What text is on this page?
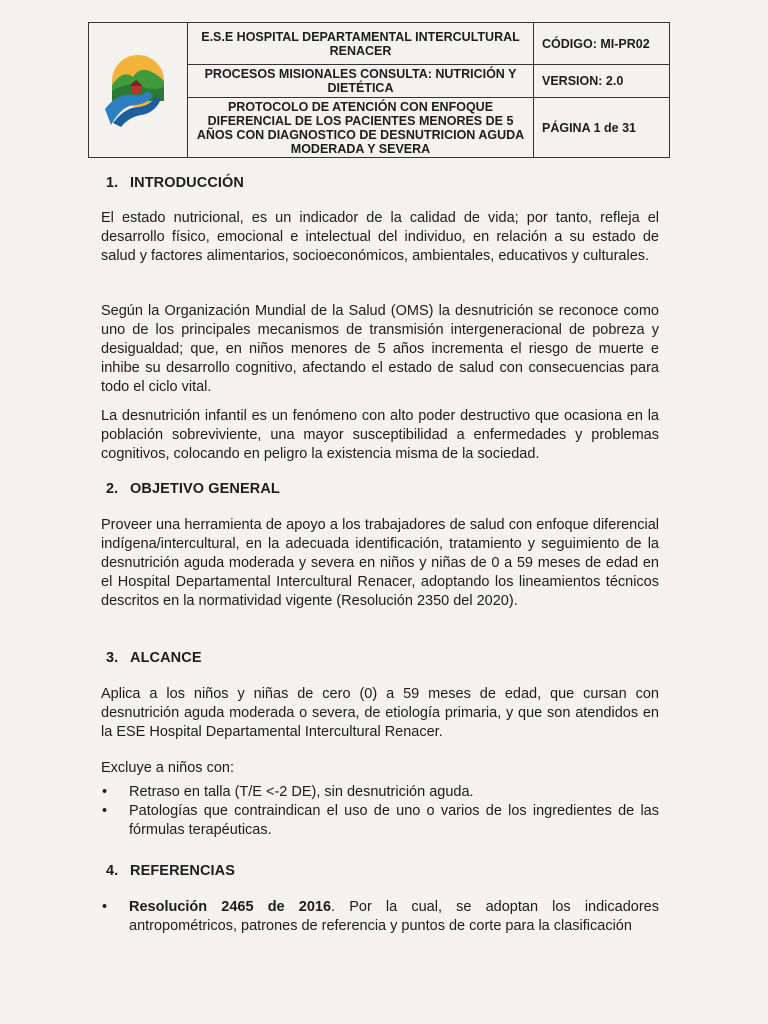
E.S.E HOSPITAL DEPARTAMENTAL INTERCULTURAL RENACER	CÓDIGO: MI-PR02
PROCESOS MISIONALES CONSULTA: NUTRICIÓN Y DIETÉTICA	VERSION: 2.0
PROTOCOLO DE ATENCIÓN CON ENFOQUE DIFERENCIAL DE LOS PACIENTES MENORES DE 5 AÑOS CON DIAGNOSTICO DE DESNUTRICION AGUDA MODERADA Y SEVERA
PÁGINA 1 de 31
1. INTRODUCCIÓN
El estado nutricional, es un indicador de la calidad de vida; por tanto, refleja el desarrollo físico, emocional e intelectual del individuo, en relación a su estado de salud y factores alimentarios, socioeconómicos, ambientales, educativos y culturales.
Según la Organización Mundial de la Salud (OMS) la desnutrición se reconoce como uno de los principales mecanismos de transmisión intergeneracional de pobreza y desigualdad; que, en niños menores de 5 años incrementa el riesgo de muerte e inhibe su desarrollo cognitivo, afectando el estado de salud con consecuencias para todo el ciclo vital.
La desnutrición infantil es un fenómeno con alto poder destructivo que ocasiona en la población sobreviviente, una mayor susceptibilidad a enfermedades y problemas cognitivos, colocando en peligro la existencia misma de la sociedad.
2. OBJETIVO GENERAL
Proveer una herramienta de apoyo a los trabajadores de salud con enfoque diferencial indígena/intercultural, en la adecuada identificación, tratamiento y seguimiento de la desnutrición aguda moderada y severa en niños y niñas de 0 a 59 meses de edad en el Hospital Departamental Intercultural Renacer, adoptando los lineamientos técnicos descritos en la normatividad vigente (Resolución 2350 del 2020).
3. ALCANCE
Aplica a los niños y niñas de cero (0) a 59 meses de edad, que cursan con desnutrición aguda moderada o severa, de etiología primaria, y que son atendidos en la ESE Hospital Departamental Intercultural Renacer.
Excluye a niños con:
• Retraso en talla (T/E <-2 DE), sin desnutrición aguda.
• Patologías que contraindican el uso de uno o varios de los ingredientes de las fórmulas terapéuticas.
4. REFERENCIAS
• Resolución 2465 de 2016. Por la cual, se adoptan los indicadores antropométricos, patrones de referencia y puntos de corte para la clasificación
